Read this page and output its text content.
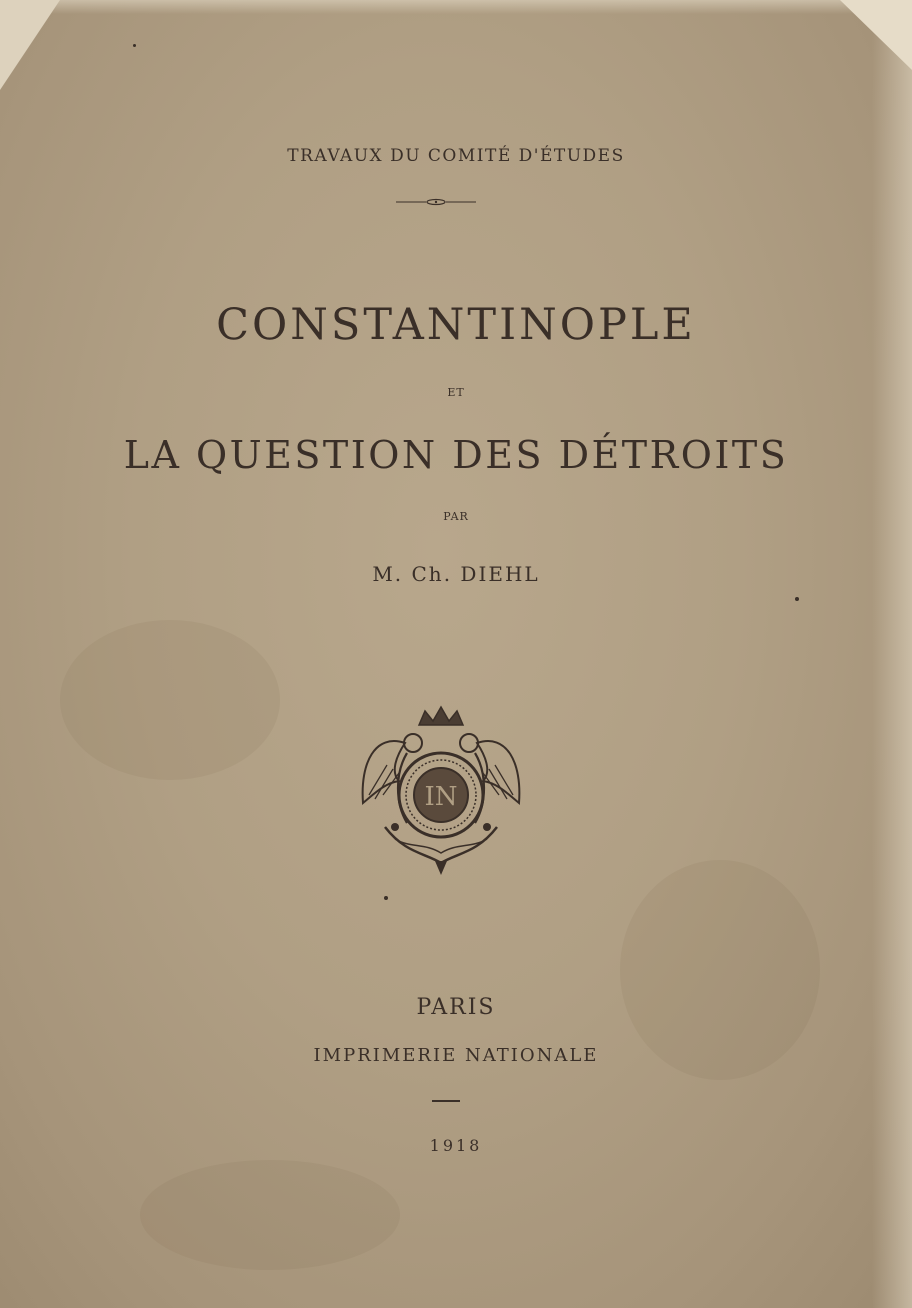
TRAVAUX DU COMITÉ D'ÉTUDES
CONSTANTINOPLE
ET
LA QUESTION DES DÉTROITS
PAR
M. Ch. DIEHL
IN
PARIS
IMPRIMERIE NATIONALE
1918
